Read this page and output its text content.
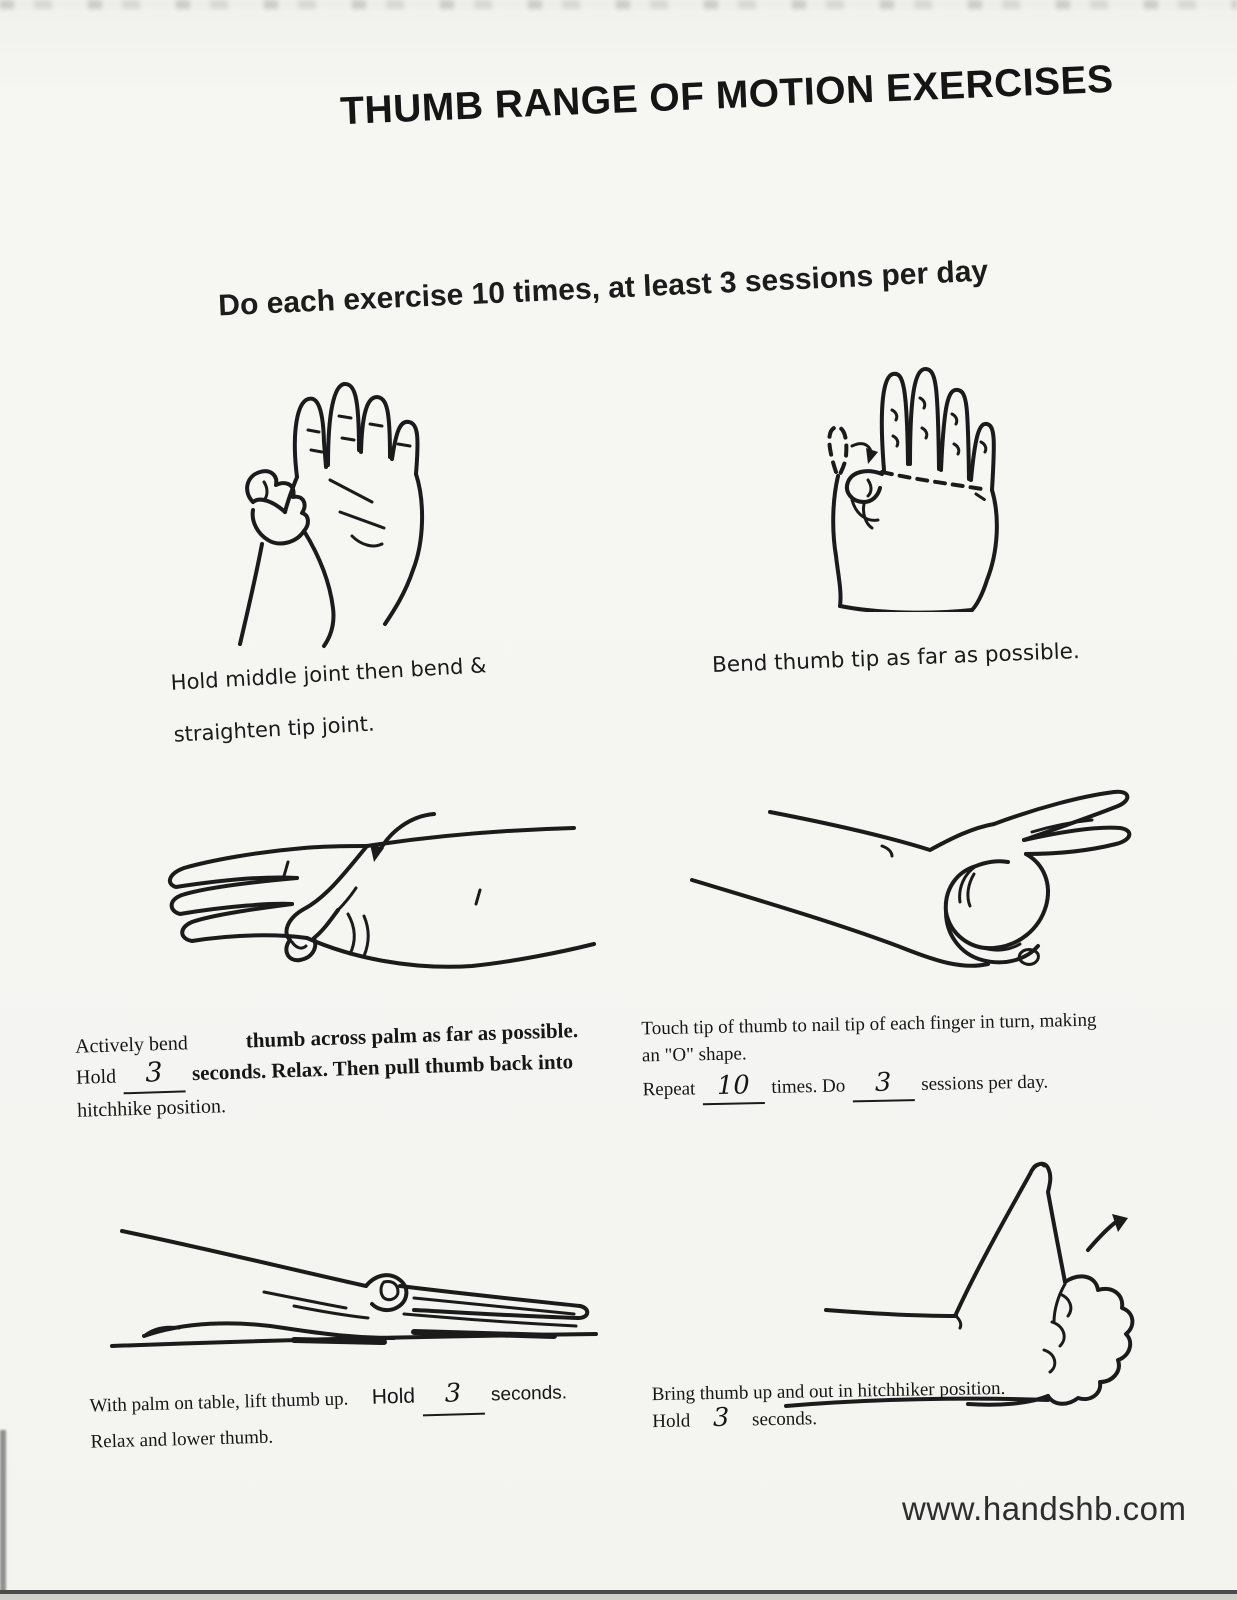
THUMB RANGE OF MOTION EXERCISES
Do each exercise 10 times, at least 3 sessions per day
Hold middle joint then bend &
straighten tip joint.
Bend thumb tip as far as possible.
Actively bend	thumb across palm as far as possible.
Hold 3 seconds. Relax. Then pull thumb back into
hitchhike position.
Touch tip of thumb to nail tip of each finger in turn, making
an "O" shape.
Repeat 10 times. Do 3 sessions per day.
With palm on table, lift thumb up. Hold 3 seconds.
Relax and lower thumb.
Bring thumb up and out in hitchhiker position.
Hold 3 seconds.
www.handshb.com
